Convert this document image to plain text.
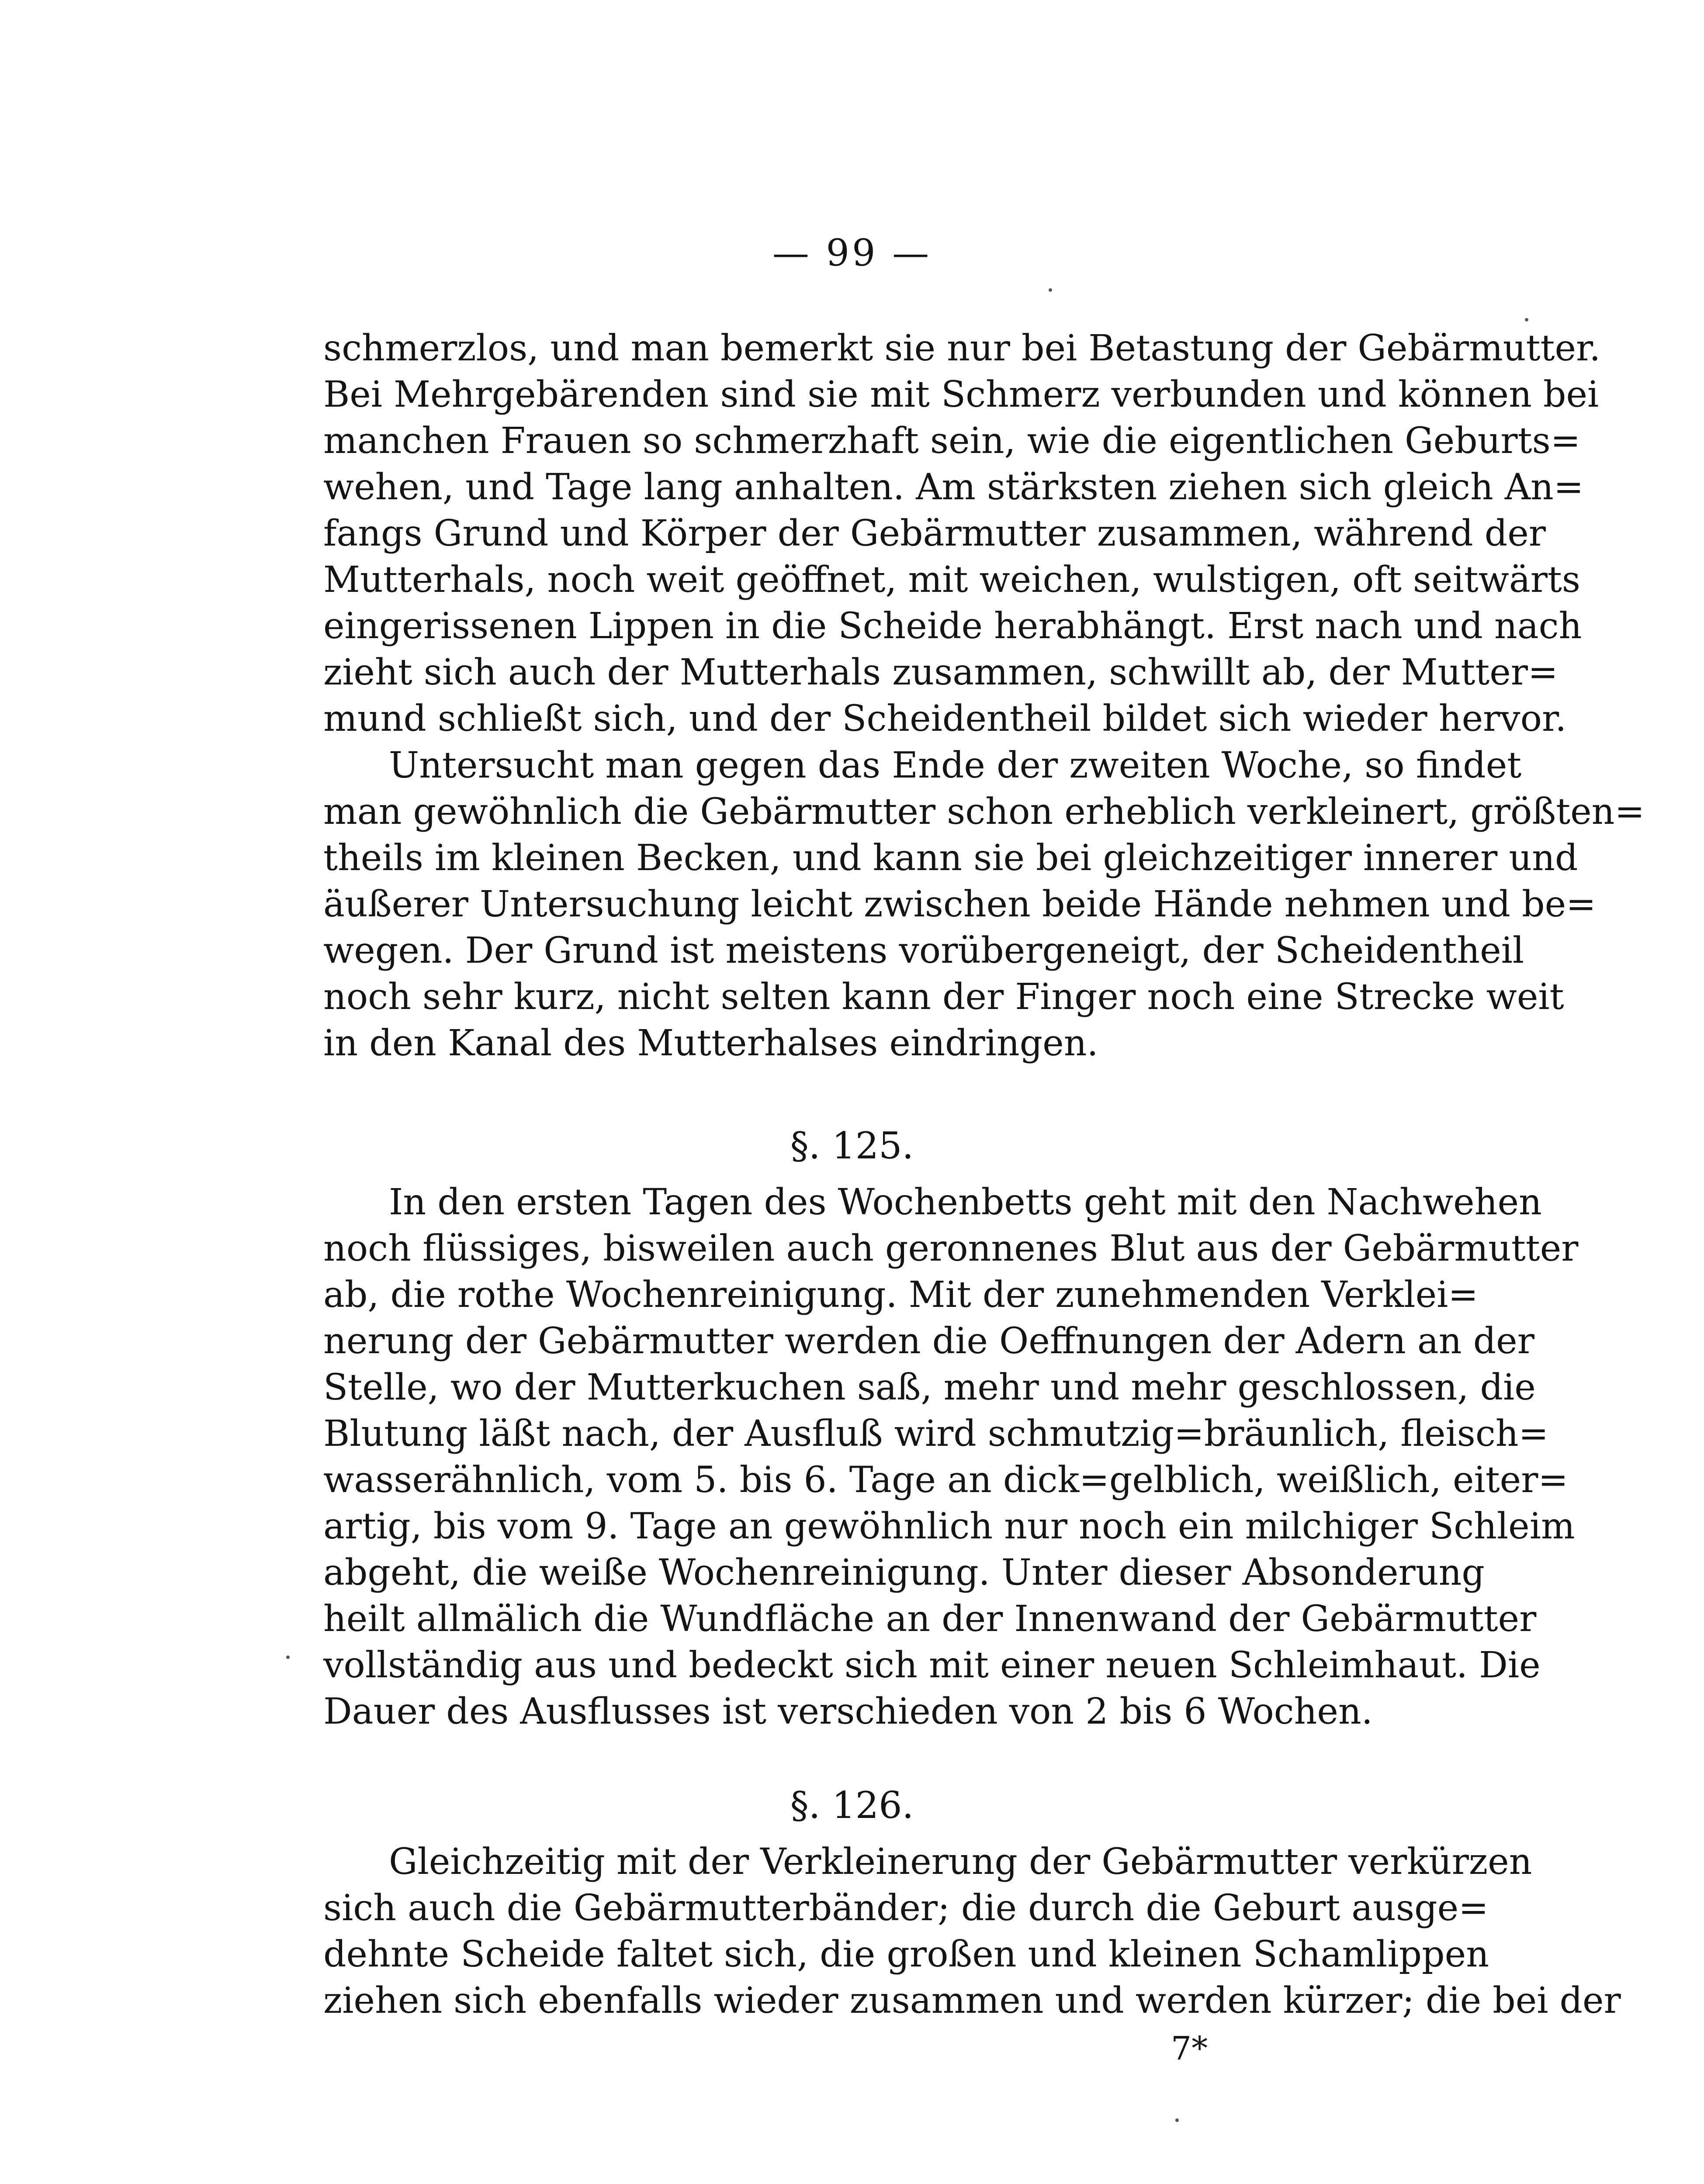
— 99 —
schmerzlos, und man bemerkt sie nur bei Betastung der Gebärmutter.
Bei Mehrgebärenden sind sie mit Schmerz verbunden und können bei
manchen Frauen so schmerzhaft sein, wie die eigentlichen Geburts=
wehen, und Tage lang anhalten. Am stärksten ziehen sich gleich An=
fangs Grund und Körper der Gebärmutter zusammen, während der
Mutterhals, noch weit geöffnet, mit weichen, wulstigen, oft seitwärts
eingerissenen Lippen in die Scheide herabhängt. Erst nach und nach
zieht sich auch der Mutterhals zusammen, schwillt ab, der Mutter=
mund schließt sich, und der Scheidentheil bildet sich wieder hervor.
Untersucht man gegen das Ende der zweiten Woche, so findet
man gewöhnlich die Gebärmutter schon erheblich verkleinert, größten=
theils im kleinen Becken, und kann sie bei gleichzeitiger innerer und
äußerer Untersuchung leicht zwischen beide Hände nehmen und be=
wegen. Der Grund ist meistens vorübergeneigt, der Scheidentheil
noch sehr kurz, nicht selten kann der Finger noch eine Strecke weit
in den Kanal des Mutterhalses eindringen.
§. 125.
In den ersten Tagen des Wochenbetts geht mit den Nachwehen
noch flüssiges, bisweilen auch geronnenes Blut aus der Gebärmutter
ab, die rothe Wochenreinigung. Mit der zunehmenden Verklei=
nerung der Gebärmutter werden die Oeffnungen der Adern an der
Stelle, wo der Mutterkuchen saß, mehr und mehr geschlossen, die
Blutung läßt nach, der Ausfluß wird schmutzig=bräunlich, fleisch=
wasserähnlich, vom 5. bis 6. Tage an dick=gelblich, weißlich, eiter=
artig, bis vom 9. Tage an gewöhnlich nur noch ein milchiger Schleim
abgeht, die weiße Wochenreinigung. Unter dieser Absonderung
heilt allmälich die Wundfläche an der Innenwand der Gebärmutter
vollständig aus und bedeckt sich mit einer neuen Schleimhaut. Die
Dauer des Ausflusses ist verschieden von 2 bis 6 Wochen.
§. 126.
Gleichzeitig mit der Verkleinerung der Gebärmutter verkürzen
sich auch die Gebärmutterbänder; die durch die Geburt ausge=
dehnte Scheide faltet sich, die großen und kleinen Schamlippen
ziehen sich ebenfalls wieder zusammen und werden kürzer; die bei der
7*
